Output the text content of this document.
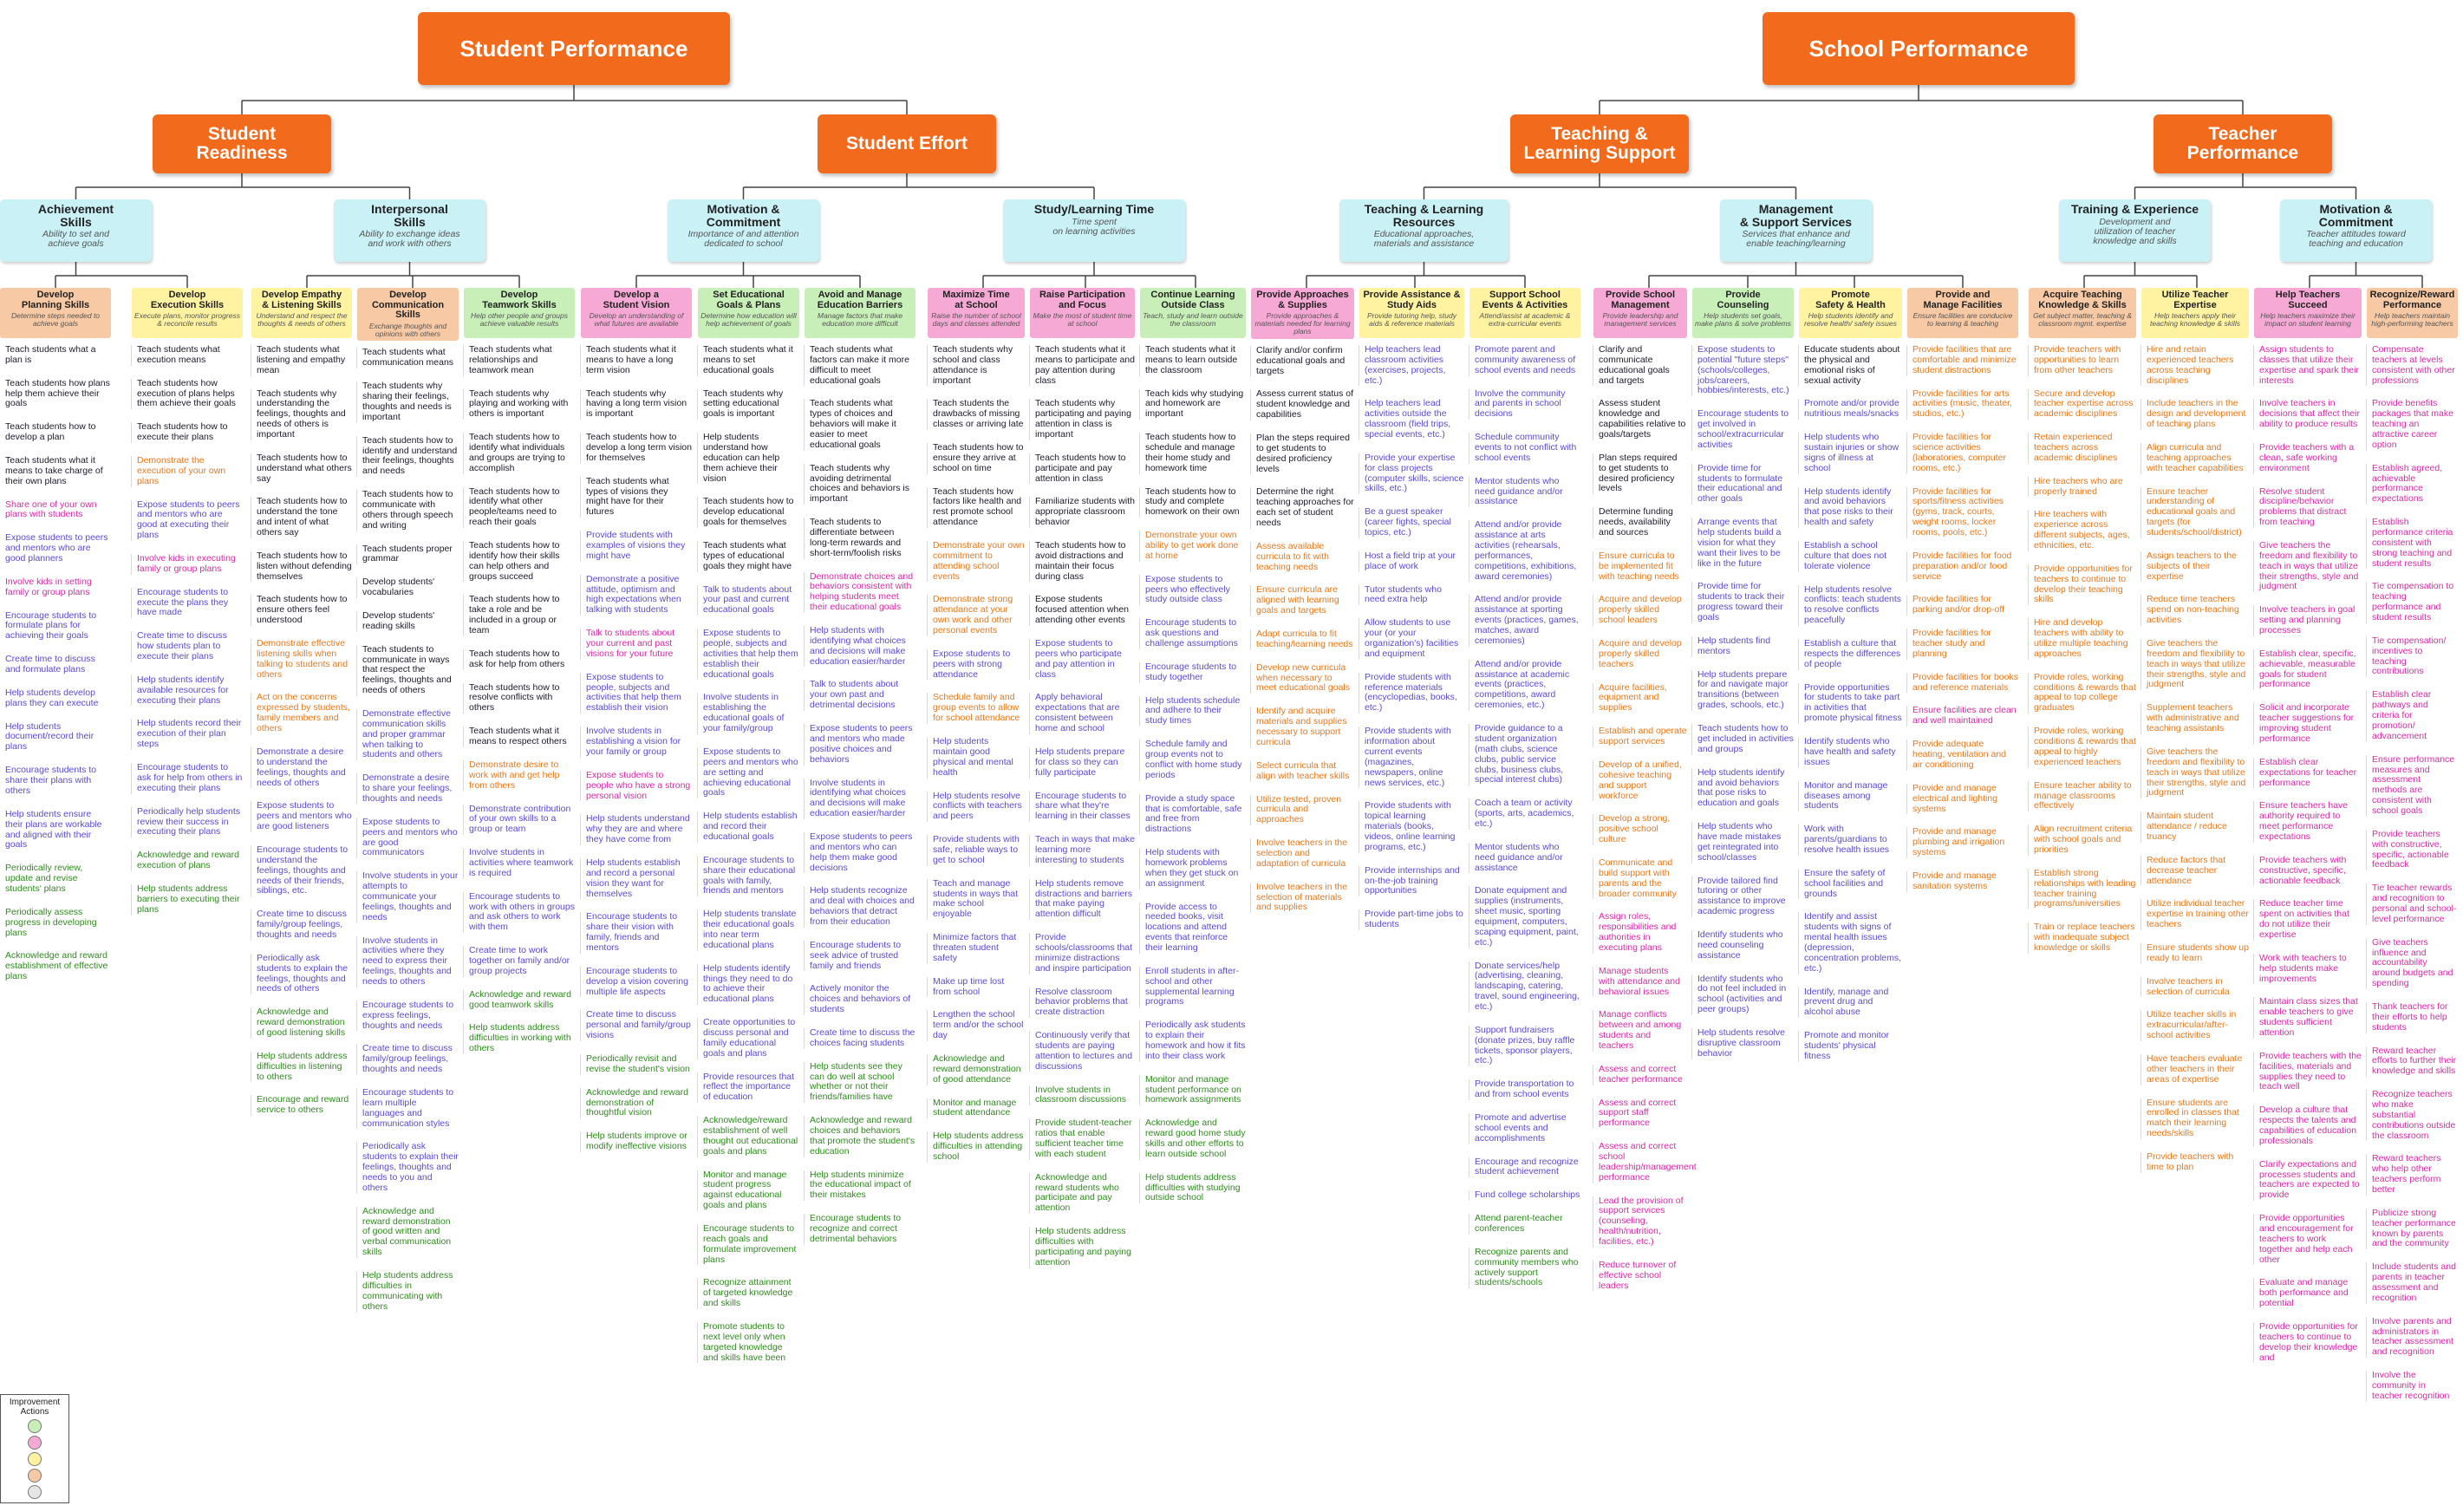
Student Performance	School Performance
Student
Readiness	Student Effort	Teaching &
Learning Support
Teacher
Performance
Achievement
Skills
Ability to set and
achieve goals
Interpersonal
Skills
Ability to exchange ideas
and work with others
Motivation &
Commitment
Importance of and attention
dedicated to school
Study/Learning Time
Time spent
on learning activities
Teaching & Learning
Resources
Educational approaches,
materials and assistance
Management
& Support Services
Services that enhance and
enable teaching/learning
Training & Experience
Development and
utilization of teacher
knowledge and skills
Motivation &
Commitment
Teacher attitudes toward
teaching and education
Develop
Planning Skills
Determine steps needed to achieve goals
Teach students what a plan is
Teach students how plans help them achieve their goals
Teach students how to develop a plan
Teach students what it means to take charge of their own plans
Share one of your own plans with students
Expose students to peers and mentors who are good planners
Involve kids in setting family or group plans
Encourage students to formulate plans for achieving their goals
Create time to discuss and formulate plans
Help students develop plans they can execute
Help students document/record their plans
Encourage students to share their plans with others
Help students ensure their plans are workable and aligned with their goals
Periodically review, update and revise students' plans
Periodically assess progress in developing plans
Acknowledge and reward establishment of effective plans
Develop
Execution Skills
Execute plans, monitor progress & reconcile results
Teach students what execution means
Teach students how execution of plans helps them achieve their goals
Teach students how to execute their plans
Demonstrate the execution of your own plans
Expose students to peers and mentors who are good at executing their plans
Involve kids in executing family or group plans
Encourage students to execute the plans they have made
Create time to discuss how students plan to execute their plans
Help students identify available resources for executing their plans
Help students record their execution of their plan steps
Encourage students to ask for help from others in executing their plans
Periodically help students review their success in executing their plans
Acknowledge and reward execution of plans
Help students address barriers to executing their plans
Develop Empathy
& Listening Skills
Understand and respect the thoughts & needs of others
Teach students what listening and empathy mean
Teach students why understanding the feelings, thoughts and needs of others is important
Teach students how to understand what others say
Teach students how to understand the tone and intent of what others say
Teach students how to listen without defending themselves
Teach students how to ensure others feel understood
Demonstrate effective listening skills when talking to students and others
Act on the concerns expressed by students, family members and others
Demonstrate a desire to understand the feelings, thoughts and needs of others
Expose students to peers and mentors who are good listeners
Encourage students to understand the feelings, thoughts and needs of their friends, siblings, etc.
Create time to discuss family/group feelings, thoughts and needs
Periodically ask students to explain the feelings, thoughts and needs of others
Acknowledge and reward demonstration of good listening skills
Help students address difficulties in listening to others
Encourage and reward service to others
Develop
Communication Skills
Exchange thoughts and opinions with others
Teach students what communication means
Teach students why sharing their feelings, thoughts and needs is important
Teach students how to identify and understand their feelings, thoughts and needs
Teach students how to communicate with others through speech and writing
Teach students proper grammar
Develop students' vocabularies
Develop students' reading skills
Teach students to communicate in ways that respect the feelings, thoughts and needs of others
Demonstrate effective communication skills and proper grammar when talking to students and others
Demonstrate a desire to share your feelings, thoughts and needs
Expose students to peers and mentors who are good communicators
Involve students in your attempts to communicate your feelings, thoughts and needs
Involve students in activities where they need to express their feelings, thoughts and needs to others
Encourage students to express feelings, thoughts and needs
Create time to discuss family/group feelings, thoughts and needs
Encourage students to learn multiple languages and communication styles
Periodically ask students to explain their feelings, thoughts and needs to you and others
Acknowledge and reward demonstration of good written and verbal communication skills
Help students address difficulties in communicating with others
Develop
Teamwork Skills
Help other people and groups achieve valuable results
Teach students what relationships and teamwork mean
Teach students why playing and working with others is important
Teach students how to identify what individuals and groups are trying to accomplish
Teach students how to identify what other people/teams need to reach their goals
Teach students how to identify how their skills can help others and groups succeed
Teach students how to take a role and be included in a group or team
Teach students how to ask for help from others
Teach students how to resolve conflicts with others
Teach students what it means to respect others
Demonstrate desire to work with and get help from others
Demonstrate contribution of your own skills to a group or team
Involve students in activities where teamwork is required
Encourage students to work with others in groups and ask others to work with them
Create time to work together on family and/or group projects
Acknowledge and reward good teamwork skills
Help students address difficulties in working with others
Develop a
Student Vision
Develop an understanding of what futures are available
Teach students what it means to have a long term vision
Teach students why having a long term vision is important
Teach students how to develop a long term vision for themselves
Teach students what types of visions they might have for their futures
Provide students with examples of visions they might have
Demonstrate a positive attitude, optimism and high expectations when talking with students
Talk to students about your current and past visions for your future
Expose students to people, subjects and activities that help them establish their vision
Involve students in establishing a vision for your family or group
Expose students to people who have a strong personal vision
Help students understand why they are and where they have come from
Help students establish and record a personal vision they want for themselves
Encourage students to share their vision with family, friends and mentors
Encourage students to develop a vision covering multiple life aspects
Create time to discuss personal and family/group visions
Periodically revisit and revise the student's vision
Acknowledge and reward demonstration of thoughtful vision
Help students improve or modify ineffective visions
Set Educational
Goals & Plans
Determine how education will help achievement of goals
Teach students what it means to set educational goals
Teach students why setting educational goals is important
Help students understand how education can help them achieve their vision
Teach students how to develop educational goals for themselves
Teach students what types of educational goals they might have
Talk to students about your past and current educational goals
Expose students to people, subjects and activities that help them establish their educational goals
Involve students in establishing the educational goals of your family/group
Expose students to peers and mentors who are setting and achieving educational goals
Help students establish and record their educational goals
Encourage students to share their educational goals with family, friends and mentors
Help students translate their educational goals into near term educational plans
Help students identify things they need to do to achieve their educational plans
Create opportunities to discuss personal and family educational goals and plans
Provide resources that reflect the importance of education
Acknowledge/reward establishment of well thought out educational goals and plans
Monitor and manage student progress against educational goals and plans
Encourage students to reach goals and formulate improvement plans
Recognize attainment of targeted knowledge and skills
Promote students to next level only when targeted knowledge and skills have been
Avoid and Manage
Education Barriers
Manage factors that make education more difficult
Teach students what factors can make it more difficult to meet educational goals
Teach students what types of choices and behaviors will make it easier to meet educational goals
Teach students why avoiding detrimental choices and behaviors is important
Teach students to differentiate between long-term rewards and short-term/foolish risks
Demonstrate choices and behaviors consistent with helping students meet their educational goals
Help students with identifying what choices and decisions will make education easier/harder
Talk to students about your own past and detrimental decisions
Expose students to peers and mentors who made positive choices and behaviors
Involve students in identifying what choices and decisions will make education easier/harder
Expose students to peers and mentors who can help them make good decisions
Help students recognize and deal with choices and behaviors that detract from their education
Encourage students to seek advice of trusted family and friends
Actively monitor the choices and behaviors of students
Create time to discuss the choices facing students
Help students see they can do well at school whether or not their friends/families have
Acknowledge and reward choices and behaviors that promote the student's education
Help students minimize the educational impact of their mistakes
Encourage students to recognize and correct detrimental behaviors
Maximize Time
at School
Raise the number of school days and classes attended
Teach students why school and class attendance is important
Teach students the drawbacks of missing classes or arriving late
Teach students how to ensure they arrive at school on time
Teach students how factors like health and rest promote school attendance
Demonstrate your own commitment to attending school events
Demonstrate strong attendance at your own work and other personal events
Expose students to peers with strong attendance
Schedule family and group events to allow for school attendance
Help students maintain good physical and mental health
Help students resolve conflicts with teachers and peers
Provide students with safe, reliable ways to get to school
Teach and manage students in ways that make school enjoyable
Minimize factors that threaten student safety
Make up time lost from school
Lengthen the school term and/or the school day
Acknowledge and reward demonstration of good attendance
Monitor and manage student attendance
Help students address difficulties in attending school
Raise Participation
and Focus
Make the most of student time at school
Teach students what it means to participate and pay attention during class
Teach students why participating and paying attention in class is important
Teach students how to participate and pay attention in class
Familiarize students with appropriate classroom behavior
Teach students how to avoid distractions and maintain their focus during class
Expose students focused attention when attending other events
Expose students to peers who participate and pay attention in class
Apply behavioral expectations that are consistent between home and school
Help students prepare for class so they can fully participate
Encourage students to share what they're learning in their classes
Teach in ways that make learning more interesting to students
Help students remove distractions and barriers that make paying attention difficult
Provide schools/classrooms that minimize distractions and inspire participation
Resolve classroom behavior problems that create distraction
Continuously verify that students are paying attention to lectures and discussions
Involve students in classroom discussions
Provide student-teacher ratios that enable sufficient teacher time with each student
Acknowledge and reward students who participate and pay attention
Help students address difficulties with participating and paying attention
Continue Learning
Outside Class
Teach, study and learn outside the classroom
Teach students what it means to learn outside the classroom
Teach kids why studying and homework are important
Teach students how to schedule and manage their home study and homework time
Teach students how to study and complete homework on their own
Demonstrate your own ability to get work done at home
Expose students to peers who effectively study outside class
Encourage students to ask questions and challenge assumptions
Encourage students to study together
Help students schedule and adhere to their study times
Schedule family and group events not to conflict with home study periods
Provide a study space that is comfortable, safe and free from distractions
Help students with homework problems when they get stuck on an assignment
Provide access to needed books, visit locations and attend events that reinforce their learning
Enroll students in after-school and other supplemental learning programs
Periodically ask students to explain their homework and how it fits into their class work
Monitor and manage student performance on homework assignments
Acknowledge and reward good home study skills and other efforts to learn outside school
Help students address difficulties with studying outside school
Provide Approaches
& Supplies
Provide approaches & materials needed for learning plans
Clarify and/or confirm educational goals and targets
Assess current status of student knowledge and capabilities
Plan the steps required to get students to desired proficiency levels
Determine the right teaching approaches for each set of student needs
Assess available curricula to fit with teaching needs
Ensure curricula are aligned with learning goals and targets
Adapt curricula to fit teaching/learning needs
Develop new curricula when necessary to meet educational goals
Identify and acquire materials and supplies necessary to support curricula
Select curricula that align with teacher skills
Utilize tested, proven curricula and approaches
Involve teachers in the selection and adaptation of curricula
Involve teachers in the selection of materials and supplies
Provide Assistance &
Study Aids
Provide tutoring help, study aids & reference materials
Help teachers lead classroom activities (exercises, projects, etc.)
Help teachers lead activities outside the classroom (field trips, special events, etc.)
Provide your expertise for class projects (computer skills, science skills, etc.)
Be a guest speaker (career fights, special topics, etc.)
Host a field trip at your place of work
Tutor students who need extra help
Allow students to use your (or your organization's) facilities and equipment
Provide students with reference materials (encyclopedias, books, etc.)
Provide students with information about current events (magazines, newspapers, online news services, etc.)
Provide students with topical learning materials (books, videos, online learning programs, etc.)
Provide internships and on-the-job training opportunities
Provide part-time jobs to students
Support School
Events & Activities
Attend/assist at academic & extra-curricular events
Promote parent and community awareness of school events and needs
Involve the community and parents in school decisions
Schedule community events to not conflict with school events
Mentor students who need guidance and/or assistance
Attend and/or provide assistance at arts activities (rehearsals, performances, competitions, exhibitions, award ceremonies)
Attend and/or provide assistance at sporting events (practices, games, matches, award ceremonies)
Attend and/or provide assistance at academic events (practices, competitions, award ceremonies, etc.)
Provide guidance to a student organization (math clubs, science clubs, public service clubs, business clubs, special interest clubs)
Coach a team or activity (sports, arts, academics, etc.)
Mentor students who need guidance and/or assistance
Donate equipment and supplies (instruments, sheet music, sporting equipment, computers, scaping equipment, paint, etc.)
Donate services/help (advertising, cleaning, landscaping, catering, travel, sound engineering, etc.)
Support fundraisers (donate prizes, buy raffle tickets, sponsor players, etc.)
Provide transportation to and from school events
Promote and advertise school events and accomplishments
Encourage and recognize student achievement
Fund college scholarships
Attend parent-teacher conferences
Recognize parents and community members who actively support students/schools
Provide School
Management
Provide leadership and management services
Clarify and communicate educational goals and targets
Assess student knowledge and capabilities relative to goals/targets
Plan steps required to get students to desired proficiency levels
Determine funding needs, availability and sources
Ensure curricula to be implemented fit with teaching needs
Acquire and develop properly skilled school leaders
Acquire and develop properly skilled teachers
Acquire facilities, equipment and supplies
Establish and operate support services
Develop of a unified, cohesive teaching and support workforce
Develop a strong, positive school culture
Communicate and build support with parents and the broader community
Assign roles, responsibilities and authorities in executing plans
Manage students with attendance and behavioral issues
Manage conflicts between and among students and teachers
Assess and correct teacher performance
Assess and correct support staff performance
Assess and correct school leadership/management performance
Lead the provision of support services (counseling, health/nutrition, facilities, etc.)
Reduce turnover of effective school leaders
Provide
Counseling
Help students set goals, make plans & solve problems
Expose students to potential "future steps" (schools/colleges, jobs/careers, hobbies/interests, etc.)
Encourage students to get involved in school/extracurricular activities
Provide time for students to formulate their educational and other goals
Arrange events that help students build a vision for what they want their lives to be like in the future
Provide time for students to track their progress toward their goals
Help students find mentors
Help students prepare for and navigate major transitions (between grades, schools, etc.)
Teach students how to get included in activities and groups
Help students identify and avoid behaviors that pose risks to education and goals
Help students who have made mistakes get reintegrated into school/classes
Provide tailored find tutoring or other assistance to improve academic progress
Identify students who need counseling assistance
Identify students who do not feel included in school (activities and peer groups)
Help students resolve disruptive classroom behavior
Promote
Safety & Health
Help students identify and resolve health/ safety issues
Educate students about the physical and emotional risks of sexual activity
Promote and/or provide nutritious meals/snacks
Help students who sustain injuries or show signs of illness at school
Help students identify and avoid behaviors that pose risks to their health and safety
Establish a school culture that does not tolerate violence
Help students resolve conflicts: teach students to resolve conflicts peacefully
Establish a culture that respects the differences of people
Provide opportunities for students to take part in activities that promote physical fitness
Identify students who have health and safety issues
Monitor and manage diseases among students
Work with parents/guardians to resolve health issues
Ensure the safety of school facilities and grounds
Identify and assist students with signs of mental health issues (depression, concentration problems, etc.)
Identify, manage and prevent drug and alcohol abuse
Promote and monitor students' physical fitness
Provide and
Manage Facilities
Ensure facilities are conducive to learning & teaching
Provide facilities that are comfortable and minimize student distractions
Provide facilities for arts activities (music, theater, studios, etc.)
Provide facilities for science activities (laboratories, computer rooms, etc.)
Provide facilities for sports/fitness activities (gyms, track, courts, weight rooms, locker rooms, pools, etc.)
Provide facilities for food preparation and/or food service
Provide facilities for parking and/or drop-off
Provide facilities for teacher study and planning
Provide facilities for books and reference materials
Ensure facilities are clean and well maintained
Provide adequate heating, ventilation and air conditioning
Provide and manage electrical and lighting systems
Provide and manage plumbing and irrigation systems
Provide and manage sanitation systems
Acquire Teaching
Knowledge & Skills
Get subject matter, teaching & classroom mgmt. expertise
Provide teachers with opportunities to learn from other teachers
Secure and develop teacher expertise across academic disciplines
Retain experienced teachers across academic disciplines
Hire teachers who are properly trained
Hire teachers with experience across different subjects, ages, ethnicities, etc.
Provide opportunities for teachers to continue to develop their teaching skills
Hire and develop teachers with ability to utilize multiple teaching approaches
Provide roles, working conditions & rewards that appeal to top college graduates
Provide roles, working conditions & rewards that appeal to highly experienced teachers
Ensure teacher ability to manage classrooms effectively
Align recruitment criteria with school goals and priorities
Establish strong relationships with leading teacher training programs/universities
Train or replace teachers with inadequate subject knowledge or skills
Utilize Teacher
Expertise
Help teachers apply their teaching knowledge & skills
Hire and retain experienced teachers across teaching disciplines
Include teachers in the design and development of teaching plans
Align curricula and teaching approaches with teacher capabilities
Ensure teacher understanding of educational goals and targets (for students/school/district)
Assign teachers to the subjects of their expertise
Reduce time teachers spend on non-teaching activities
Give teachers the freedom and flexibility to teach in ways that utilize their strengths, style and judgment
Supplement teachers with administrative and teaching assistants
Give teachers the freedom and flexibility to teach in ways that utilize their strengths, style and judgment
Maintain student attendance / reduce truancy
Reduce factors that decrease teacher attendance
Utilize individual teacher expertise in training other teachers
Ensure students show up ready to learn
Involve teachers in selection of curricula
Utilize teacher skills in extracurricular/after-school activities
Have teachers evaluate other teachers in their areas of expertise
Ensure students are enrolled in classes that match their learning needs/skills
Provide teachers with time to plan
Help Teachers
Succeed
Help teachers maximize their impact on student learning
Assign students to classes that utilize their expertise and spark their interests
Involve teachers in decisions that affect their ability to produce results
Provide teachers with a clean, safe working environment
Resolve student discipline/behavior problems that distract from teaching
Give teachers the freedom and flexibility to teach in ways that utilize their strengths, style and judgment
Involve teachers in goal setting and planning processes
Establish clear, specific, achievable, measurable goals for student performance
Solicit and incorporate teacher suggestions for improving student performance
Establish clear expectations for teacher performance
Ensure teachers have authority required to meet performance expectations
Provide teachers with constructive, specific, actionable feedback
Reduce teacher time spent on activities that do not utilize their expertise
Work with teachers to help students make improvements
Maintain class sizes that enable teachers to give students sufficient attention
Provide teachers with the facilities, materials and supplies they need to teach well
Develop a culture that respects the talents and capabilities of education professionals
Clarify expectations and processes students and teachers are expected to provide
Provide opportunities and encouragement for teachers to work together and help each other
Evaluate and manage both performance and potential
Provide opportunities for teachers to continue to develop their knowledge and
Recognize/Reward
Performance
Help teachers maintain high-performing teachers
Compensate teachers at levels consistent with other professions
Provide benefits packages that make teaching an attractive career option
Establish agreed, achievable performance expectations
Establish performance criteria consistent with strong teaching and student results
Tie compensation to teaching performance and student results
Tie compensation/ incentives to teaching contributions
Establish clear pathways and criteria for promotion/ advancement
Ensure performance measures and assessment methods are consistent with school goals
Provide teachers with constructive, specific, actionable feedback
Tie teacher rewards and recognition to personal and school-level performance
Give teachers influence and accountability around budgets and spending
Thank teachers for their efforts to help students
Reward teacher efforts to further their knowledge and skills
Recognize teachers who make substantial contributions outside the classroom
Reward teachers who help other teachers perform better
Publicize strong teacher performance known by parents and the community
Include students and parents in teacher assessment and recognition
Involve parents and administrators in teacher assessment and recognition
Involve the community in teacher recognition
Improvement
Actions
